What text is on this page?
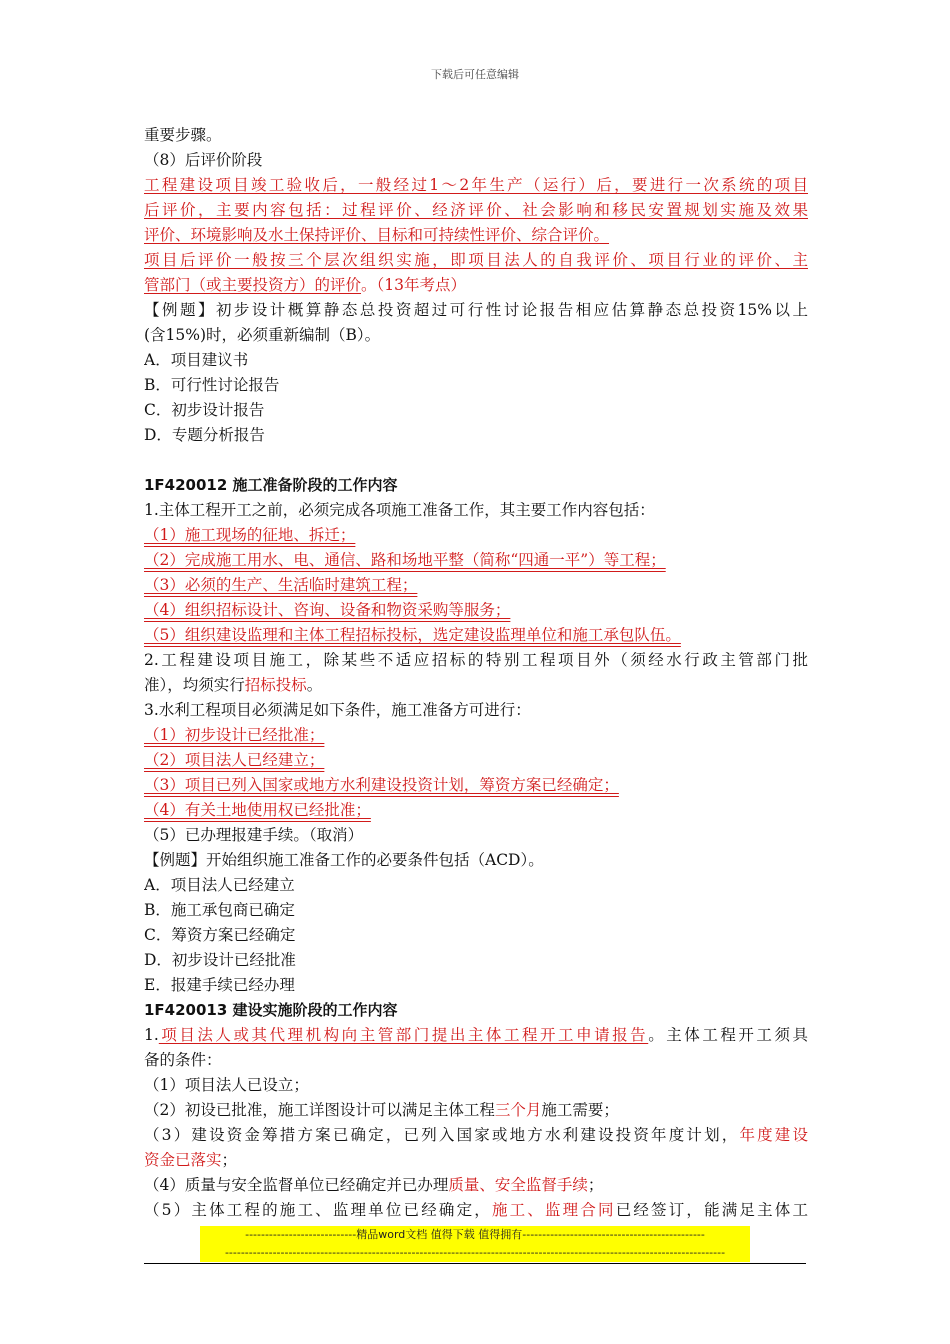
下载后可任意编辑
重要步骤。
（8）后评价阶段
工程建设项目竣工验收后，一般经过1～2年生产（运行）后，要进行一次系统的项目
后评价，主要内容包括：过程评价、经济评价、社会影响和移民安置规划实施及效果
评价、环境影响及水土保持评价、目标和可持续性评价、综合评价。
项目后评价一般按三个层次组织实施，即项目法人的自我评价、项目行业的评价、主
管部门（或主要投资方）的评价。（13年考点）
【例题】初步设计概算静态总投资超过可行性讨论报告相应估算静态总投资15%以上
(含15%)时，必须重新编制（B）。
A．项目建议书
B．可行性讨论报告
C．初步设计报告
D．专题分析报告
1F420012 施工准备阶段的工作内容
1.主体工程开工之前，必须完成各项施工准备工作，其主要工作内容包括：
（1）施工现场的征地、拆迁；
（2）完成施工用水、电、通信、路和场地平整（简称“四通一平”）等工程；
（3）必须的生产、生活临时建筑工程；
（4）组织招标设计、咨询、设备和物资采购等服务；
（5）组织建设监理和主体工程招标投标，选定建设监理单位和施工承包队伍。
2.工程建设项目施工，除某些不适应招标的特别工程项目外（须经水行政主管部门批
准），均须实行招标投标。
3.水利工程项目必须满足如下条件，施工准备方可进行：
（1）初步设计已经批准；
（2）项目法人已经建立；
（3）项目已列入国家或地方水利建设投资计划，筹资方案已经确定；
（4）有关土地使用权已经批准；
（5）已办理报建手续。（取消）
【例题】开始组织施工准备工作的必要条件包括（ACD）。
A．项目法人已经建立
B．施工承包商已确定
C．筹资方案已经确定
D．初步设计已经批准
E．报建手续已经办理
1F420013 建设实施阶段的工作内容
1.项目法人或其代理机构向主管部门提出主体工程开工申请报告。主体工程开工须具
备的条件：
（1）项目法人已设立；
（2）初设已批准，施工详图设计可以满足主体工程三个月施工需要；
（3）建设资金筹措方案已确定，已列入国家或地方水利建设投资年度计划，年度建设
资金已落实；
（4）质量与安全监督单位已经确定并已办理质量、安全监督手续；
（5）主体工程的施工、监理单位已经确定，施工、监理合同已经签订，能满足主体工
----------------------------精品word文档 值得下载 值得拥有----------------------------------------------
------------------------------------------------------------------------------------------------------------------------------
